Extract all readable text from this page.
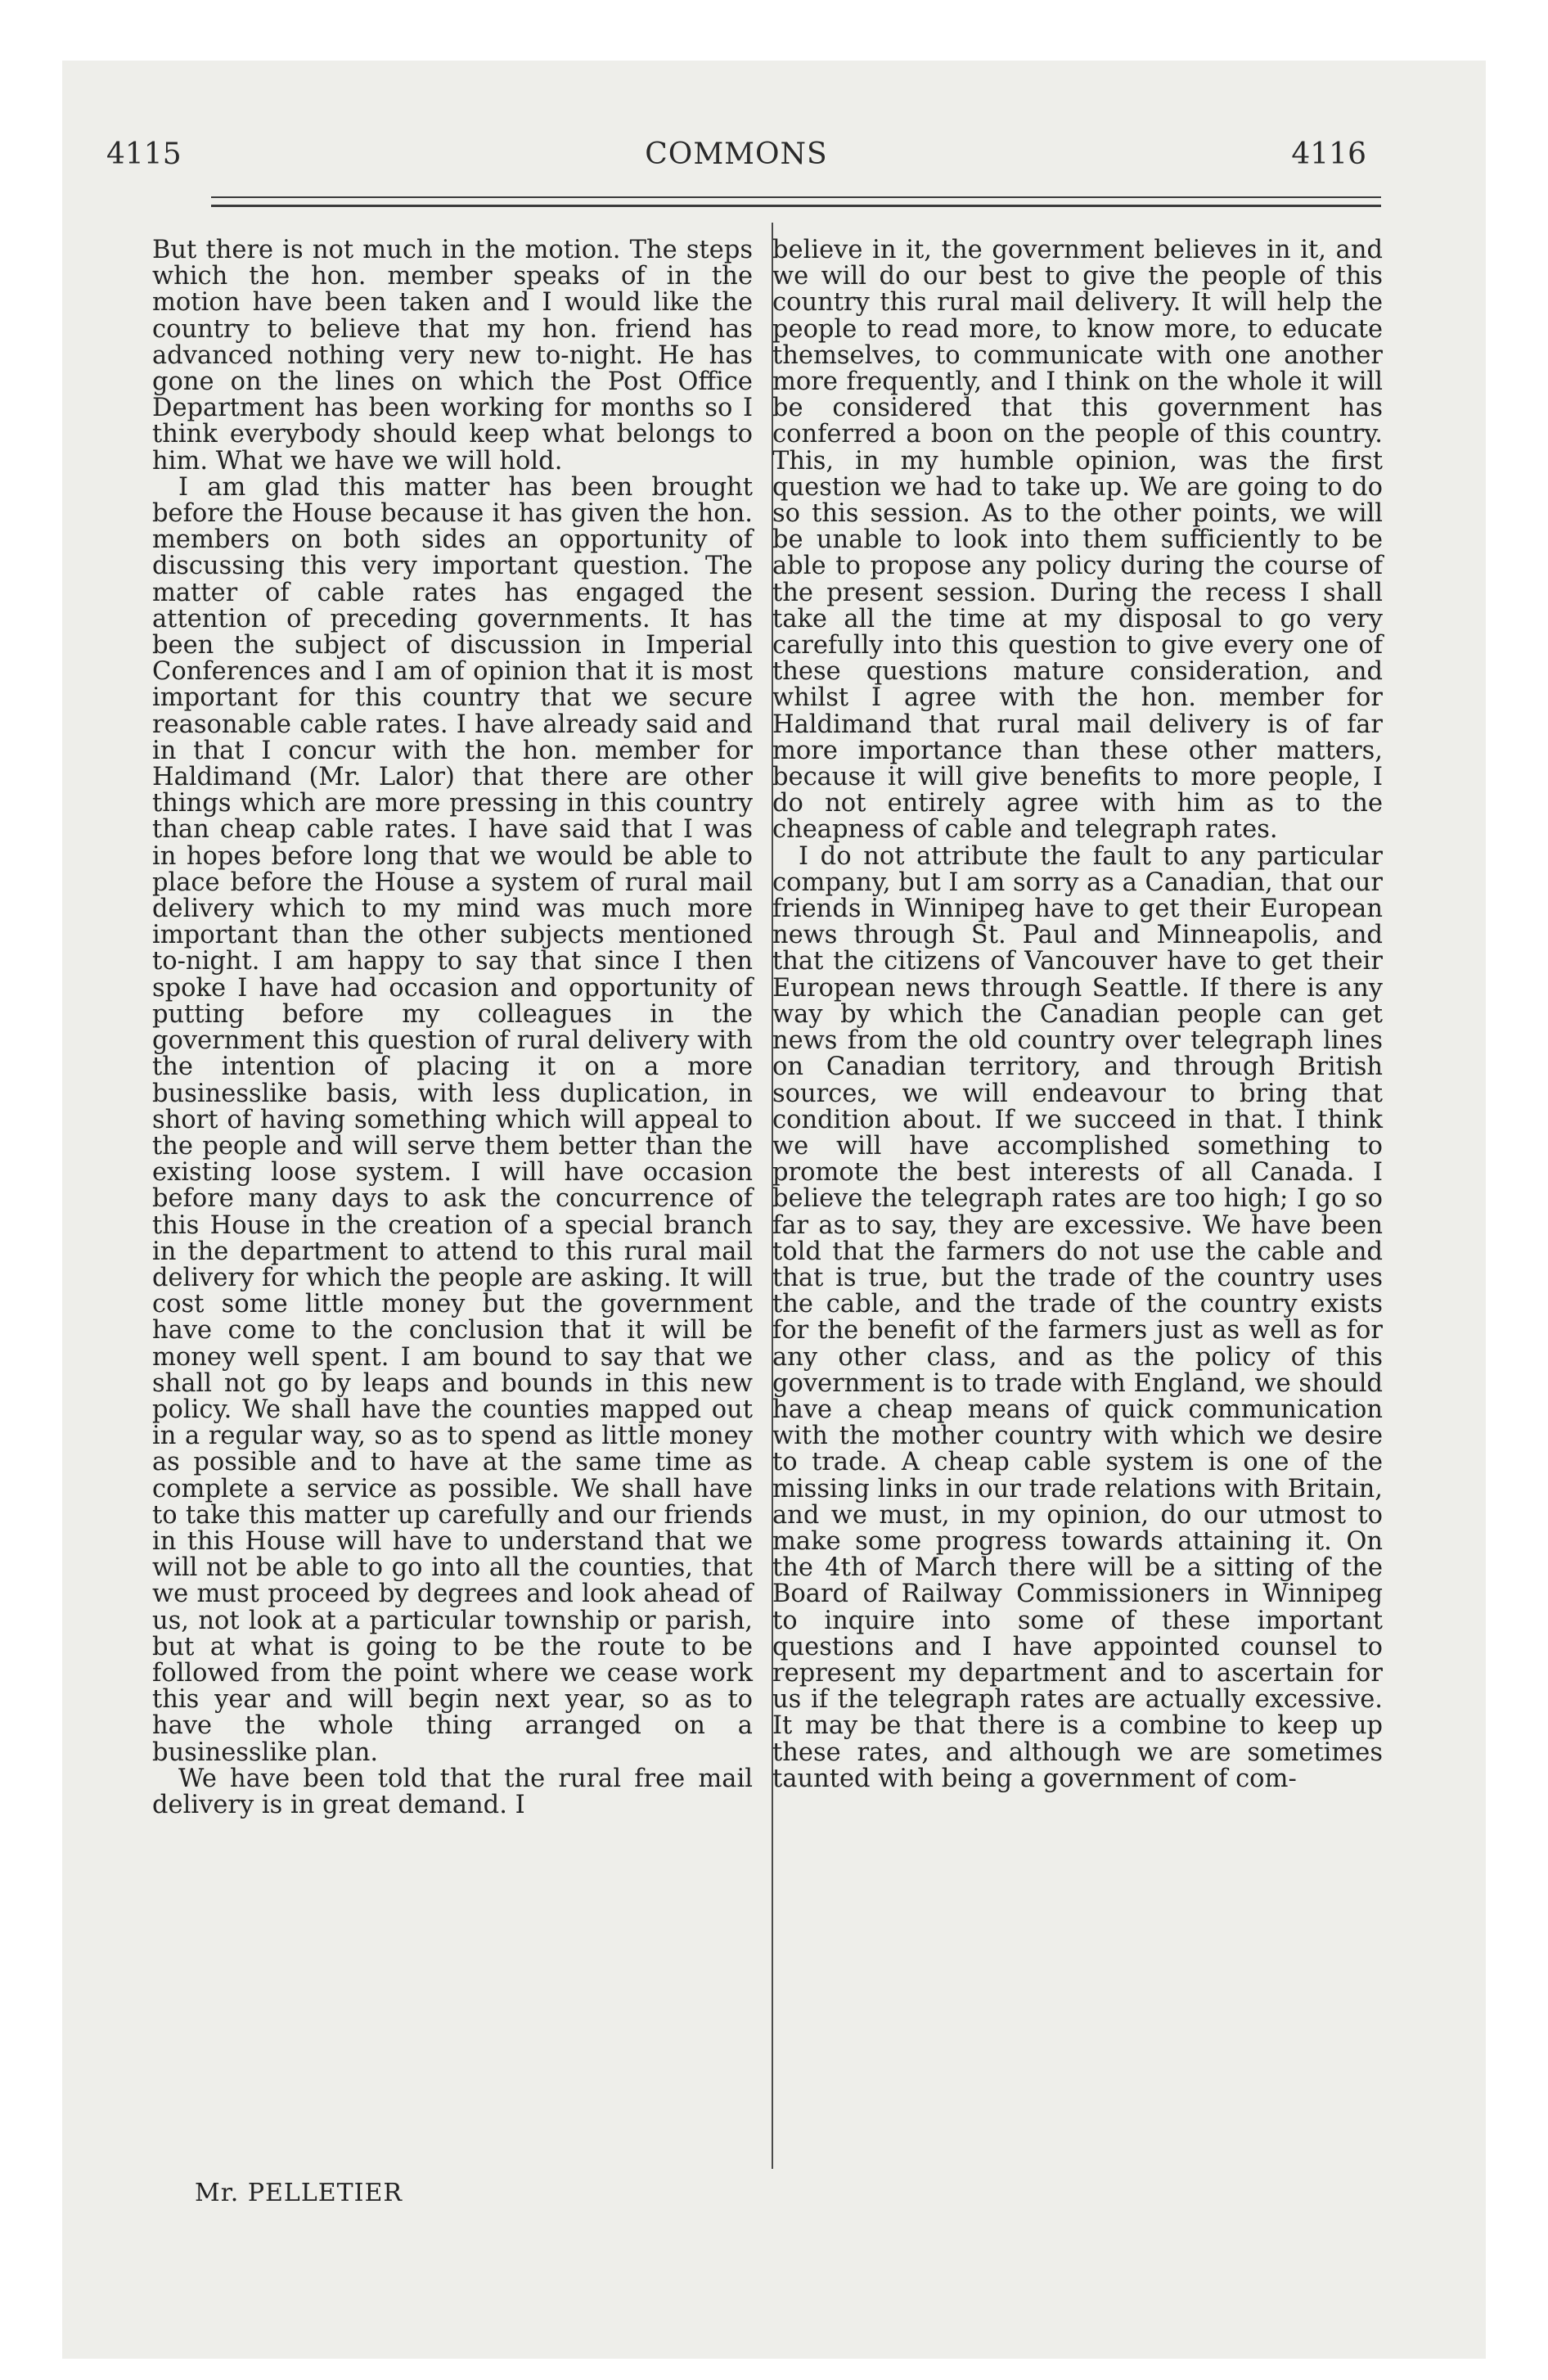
4115	COMMONS	4116

But there is not much in the motion. The steps which the hon. member speaks of in the motion have been taken and I would like the country to believe that my hon. friend has advanced nothing very new to-night. He has gone on the lines on which the Post Office Department has been working for months so I think everybody should keep what belongs to him. What we have we will hold.

I am glad this matter has been brought before the House because it has given the hon. members on both sides an opportunity of discussing this very important question. The matter of cable rates has engaged the attention of preceding governments. It has been the subject of discussion in Imperial Conferences and I am of opinion that it is most important for this country that we secure reasonable cable rates. I have already said and in that I concur with the hon. member for Haldimand (Mr. Lalor) that there are other things which are more pressing in this country than cheap cable rates. I have said that I was in hopes before long that we would be able to place before the House a system of rural mail delivery which to my mind was much more important than the other subjects mentioned to-night. I am happy to say that since I then spoke I have had occasion and opportunity of putting before my colleagues in the government this question of rural delivery with the intention of placing it on a more businesslike basis, with less duplication, in short of having something which will appeal to the people and will serve them better than the existing loose system. I will have occasion before many days to ask the concurrence of this House in the creation of a special branch in the department to attend to this rural mail delivery for which the people are asking. It will cost some little money but the government have come to the conclusion that it will be money well spent. I am bound to say that we shall not go by leaps and bounds in this new policy. We shall have the counties mapped out in a regular way, so as to spend as little money as possible and to have at the same time as complete a service as possible. We shall have to take this matter up carefully and our friends in this House will have to understand that we will not be able to go into all the counties, that we must proceed by degrees and look ahead of us, not look at a particular township or parish, but at what is going to be the route to be followed from the point where we cease work this year and will begin next year, so as to have the whole thing arranged on a businesslike plan.

We have been told that the rural free mail delivery is in great demand. I

believe in it, the government believes in it, and we will do our best to give the people of this country this rural mail delivery. It will help the people to read more, to know more, to educate themselves, to communicate with one another more frequently, and I think on the whole it will be considered that this government has conferred a boon on the people of this country. This, in my humble opinion, was the first question we had to take up. We are going to do so this session. As to the other points, we will be unable to look into them sufficiently to be able to propose any policy during the course of the present session. During the recess I shall take all the time at my disposal to go very carefully into this question to give every one of these questions mature consideration, and whilst I agree with the hon. member for Haldimand that rural mail delivery is of far more importance than these other matters, because it will give benefits to more people, I do not entirely agree with him as to the cheapness of cable and telegraph rates.

I do not attribute the fault to any particular company, but I am sorry as a Canadian, that our friends in Winnipeg have to get their European news through St. Paul and Minneapolis, and that the citizens of Vancouver have to get their European news through Seattle. If there is any way by which the Canadian people can get news from the old country over telegraph lines on Canadian territory, and through British sources, we will endeavour to bring that condition about. If we succeed in that. I think we will have accomplished something to promote the best interests of all Canada. I believe the telegraph rates are too high; I go so far as to say, they are excessive. We have been told that the farmers do not use the cable and that is true, but the trade of the country uses the cable, and the trade of the country exists for the benefit of the farmers just as well as for any other class, and as the policy of this government is to trade with England, we should have a cheap means of quick communication with the mother country with which we desire to trade. A cheap cable system is one of the missing links in our trade relations with Britain, and we must, in my opinion, do our utmost to make some progress towards attaining it. On the 4th of March there will be a sitting of the Board of Railway Commissioners in Winnipeg to inquire into some of these important questions and I have appointed counsel to represent my department and to ascertain for us if the telegraph rates are actually excessive. It may be that there is a combine to keep up these rates, and although we are sometimes taunted with being a government of com-

Mr. PELLETIER
